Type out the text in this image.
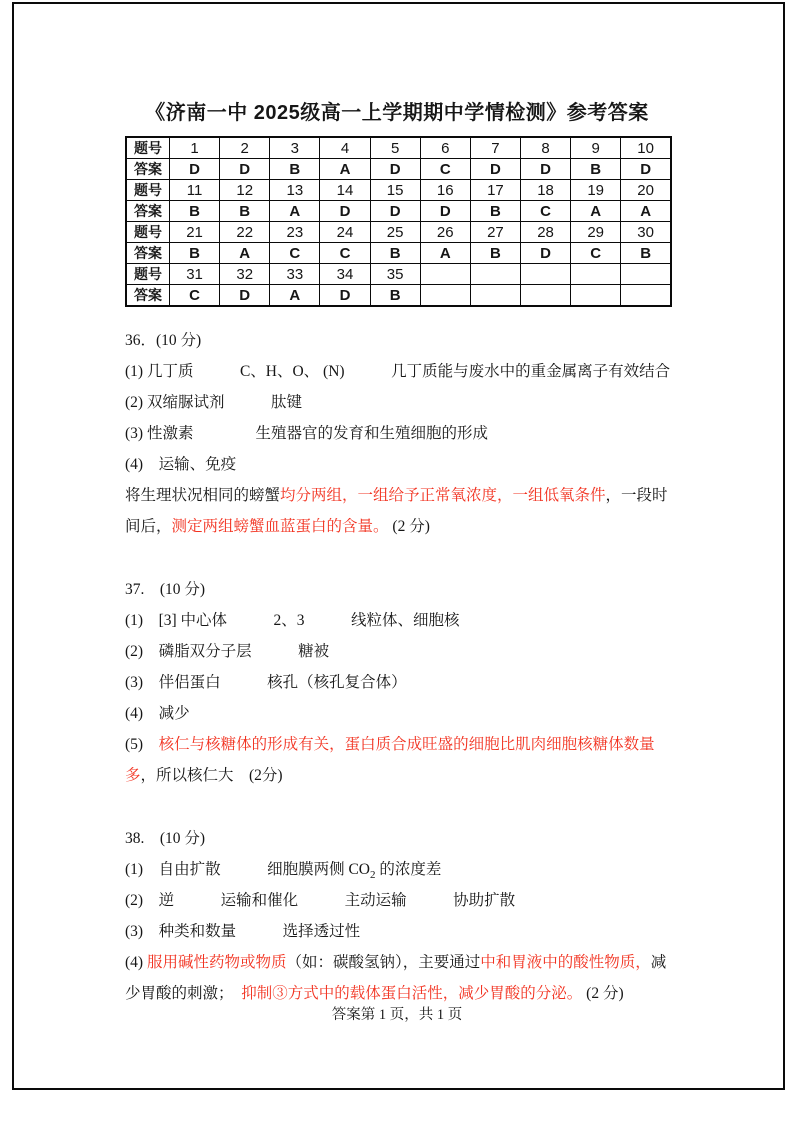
《济南一中 2025级高一上学期期中学情检测》参考答案
题号	1	2	3	4	5	6	7	8	9	10
答案	D	D	B	A	D	C	D	D	B	D
题号	11	12	13	14	15	16	17	18	19	20
答案	B	B	A	D	D	D	B	C	A	A
题号	21	22	23	24	25	26	27	28	29	30
答案	B	A	C	C	B	A	B	D	C	B
题号	31	32	33	34	35					
答案	C	D	A	D	B					
36．(10 分)
(1) 几丁质　　　C、H、O、 (N)　　　几丁质能与废水中的重金属离子有效结合
(2) 双缩脲试剂　　　肽键
(3) 性激素　　　　生殖器官的发育和生殖细胞的形成
(4)　运输、免疫
将生理状况相同的螃蟹均分两组，一组给予正常氧浓度，一组低氧条件，一段时间后，测定两组螃蟹血蓝蛋白的含量。 (2 分)
37.　(10 分)
(1)　[3] 中心体　　　2、3　　　线粒体、细胞核
(2)　磷脂双分子层　　　糖被
(3)　伴侣蛋白　　　核孔（核孔复合体）
(4)　减少
(5)　核仁与核糖体的形成有关，蛋白质合成旺盛的细胞比肌肉细胞核糖体数量多，所以核仁大　(2分)
38.　(10 分)
(1)　自由扩散　　　细胞膜两侧 $CO_2$ 的浓度差
(2)　逆　　　运输和催化　　　主动运输　　　协助扩散
(3)　种类和数量　　　选择透过性
(4) 服用碱性药物或物质（如：碳酸氢钠），主要通过中和胃液中的酸性物质，减少胃酸的刺激；　抑制③方式中的载体蛋白活性，减少胃酸的分泌。 (2 分)
答案第 1 页，共 1 页
